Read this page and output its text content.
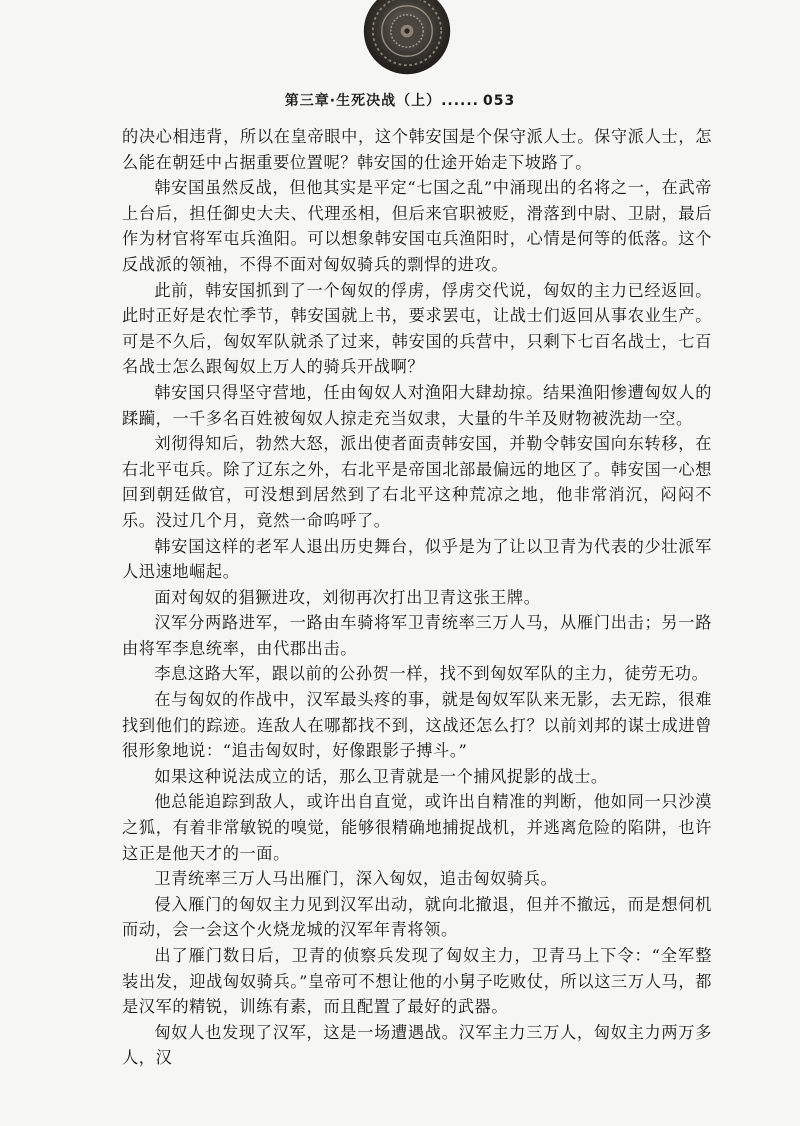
第三章·生死决战（上）...... 053

的决心相违背，所以在皇帝眼中，这个韩安国是个保守派人士。保守派人士，怎么能在朝廷中占据重要位置呢？韩安国的仕途开始走下坡路了。

韩安国虽然反战，但他其实是平定“七国之乱”中涌现出的名将之一，在武帝上台后，担任御史大夫、代理丞相，但后来官职被贬，滑落到中尉、卫尉，最后作为材官将军屯兵渔阳。可以想象韩安国屯兵渔阳时，心情是何等的低落。这个反战派的领袖，不得不面对匈奴骑兵的剽悍的进攻。

此前，韩安国抓到了一个匈奴的俘虏，俘虏交代说，匈奴的主力已经返回。此时正好是农忙季节，韩安国就上书，要求罢屯，让战士们返回从事农业生产。可是不久后，匈奴军队就杀了过来，韩安国的兵营中，只剩下七百名战士，七百名战士怎么跟匈奴上万人的骑兵开战啊？

韩安国只得坚守营地，任由匈奴人对渔阳大肆劫掠。结果渔阳惨遭匈奴人的蹂躏，一千多名百姓被匈奴人掠走充当奴隶，大量的牛羊及财物被洗劫一空。

刘彻得知后，勃然大怒，派出使者面责韩安国，并勒令韩安国向东转移，在右北平屯兵。除了辽东之外，右北平是帝国北部最偏远的地区了。韩安国一心想回到朝廷做官，可没想到居然到了右北平这种荒凉之地，他非常消沉，闷闷不乐。没过几个月，竟然一命呜呼了。

韩安国这样的老军人退出历史舞台，似乎是为了让以卫青为代表的少壮派军人迅速地崛起。

面对匈奴的猖獗进攻，刘彻再次打出卫青这张王牌。

汉军分两路进军，一路由车骑将军卫青统率三万人马，从雁门出击；另一路由将军李息统率，由代郡出击。

李息这路大军，跟以前的公孙贺一样，找不到匈奴军队的主力，徒劳无功。

在与匈奴的作战中，汉军最头疼的事，就是匈奴军队来无影，去无踪，很难找到他们的踪迹。连敌人在哪都找不到，这战还怎么打？以前刘邦的谋士成进曾很形象地说：“追击匈奴时，好像跟影子搏斗。”

如果这种说法成立的话，那么卫青就是一个捕风捉影的战士。

他总能追踪到敌人，或许出自直觉，或许出自精准的判断，他如同一只沙漠之狐，有着非常敏锐的嗅觉，能够很精确地捕捉战机，并逃离危险的陷阱，也许这正是他天才的一面。

卫青统率三万人马出雁门，深入匈奴，追击匈奴骑兵。

侵入雁门的匈奴主力见到汉军出动，就向北撤退，但并不撤远，而是想伺机而动，会一会这个火烧龙城的汉军年青将领。

出了雁门数日后，卫青的侦察兵发现了匈奴主力，卫青马上下令：“全军整装出发，迎战匈奴骑兵。”皇帝可不想让他的小舅子吃败仗，所以这三万人马，都是汉军的精锐，训练有素，而且配置了最好的武器。

匈奴人也发现了汉军，这是一场遭遇战。汉军主力三万人，匈奴主力两万多人，汉
